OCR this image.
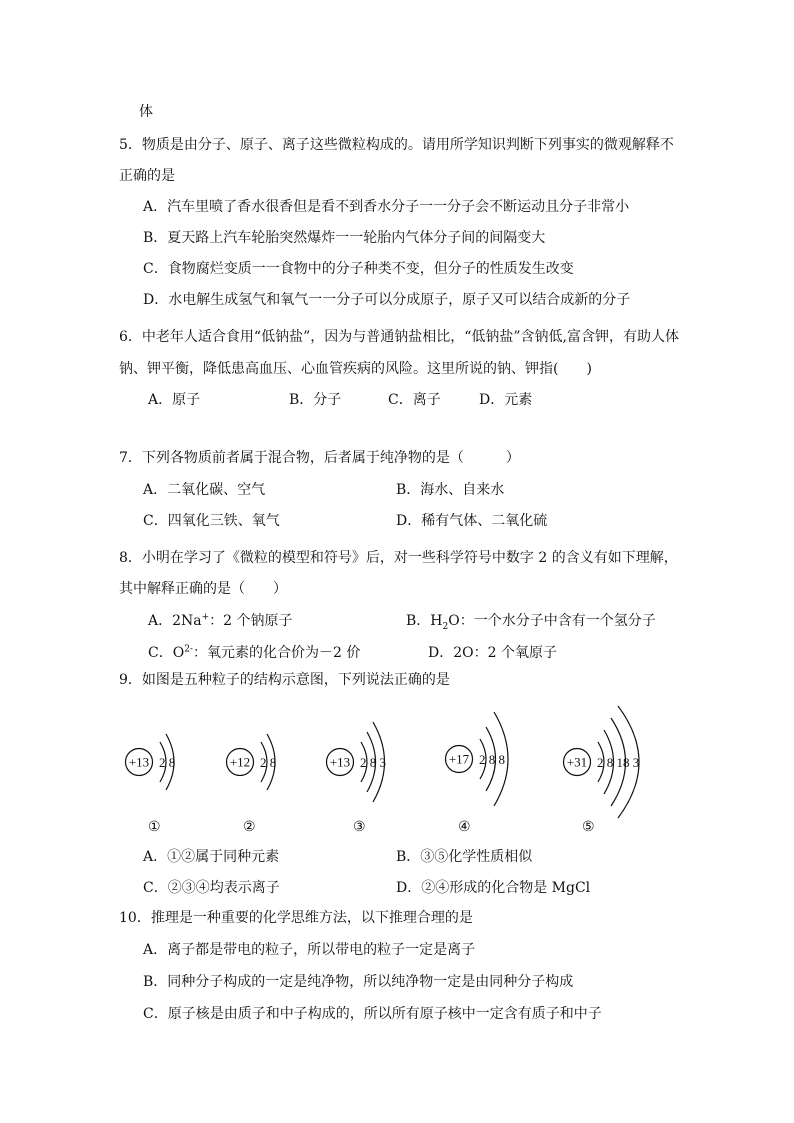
体
5．物质是由分子、原子、离子这些微粒构成的。请用所学知识判断下列事实的微观解释不
正确的是
A．汽车里喷了香水很香但是看不到香水分子一一分子会不断运动且分子非常小
B．夏天路上汽车轮胎突然爆炸一一轮胎内气体分子间的间隔变大
C．食物腐烂变质一一食物中的分子种类不变，但分子的性质发生改变
D．水电解生成氢气和氧气一一分子可以分成原子，原子又可以结合成新的分子
6．中老年人适合食用“低钠盐”，因为与普通钠盐相比，“低钠盐”含钠低,富含钾，有助人体
钠、钾平衡，降低患高血压、心血管疾病的风险。这里所说的钠、钾指(　　)
A．原子	B．分子	C．离子	D．元素
7．下列各物质前者属于混合物，后者属于纯净物的是（　　　）
A．二氧化碳、空气	B．海水、自来水
C．四氧化三铁、氧气	D．稀有气体、二氧化硫
8．小明在学习了《微粒的模型和符号》后，对一些科学符号中数字 2 的含义有如下理解，
其中解释正确的是（　　）
A．2Na+：2 个钠原子	B．$H_2O$：一个水分子中含有一个氢分子
C．$O^{2-}$：氧元素的化合价为－2 价	D．2O：2 个氧原子
9．如图是五种粒子的结构示意图，下列说法正确的是
+13 2 8	+12 2 8	+13 2 8 3	+17 2 8 8	+31 2 8 18 3
①	②	③	④	⑤
A．①②属于同种元素	B．③⑤化学性质相似
C．②③④均表示离子	D．②④形成的化合物是 MgCl
10．推理是一种重要的化学思维方法，以下推理合理的是
A．离子都是带电的粒子，所以带电的粒子一定是离子
B．同种分子构成的一定是纯净物，所以纯净物一定是由同种分子构成
C．原子核是由质子和中子构成的，所以所有原子核中一定含有质子和中子
